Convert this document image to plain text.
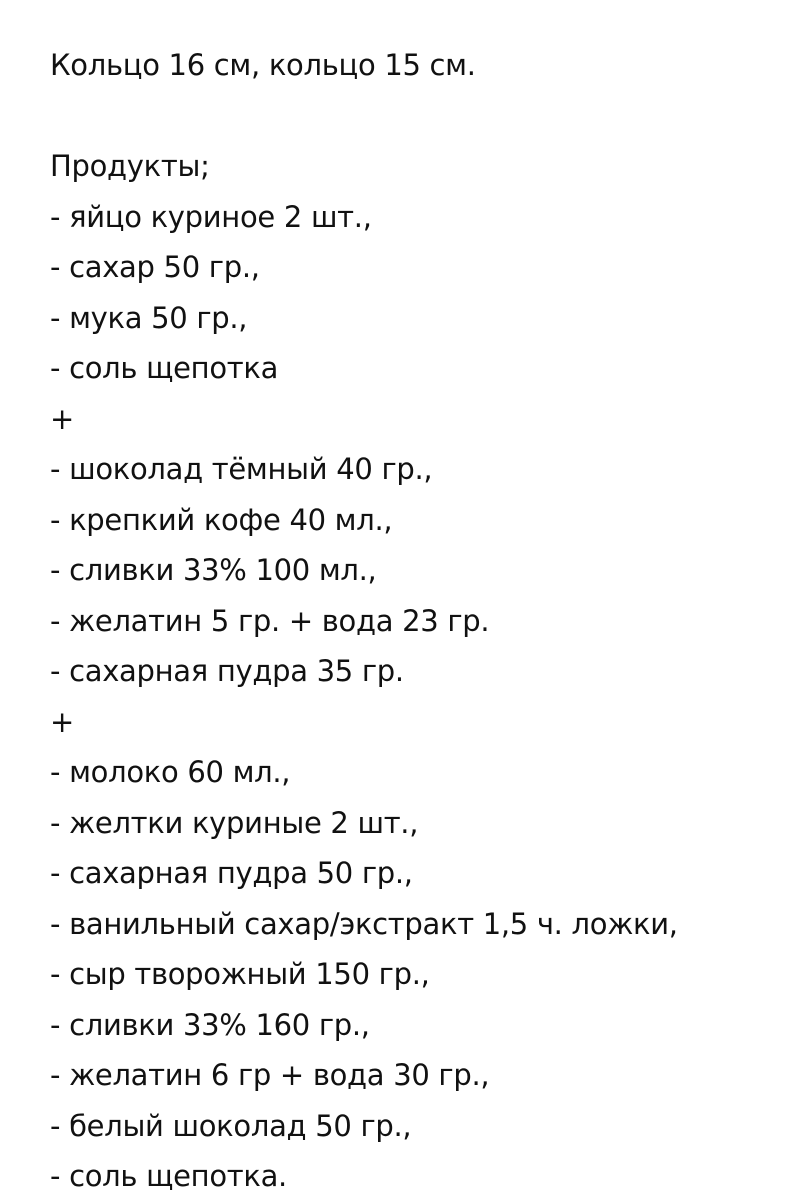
Кольцо 16 см, кольцо 15 см.
Продукты;
- яйцо куриное 2 шт.,
- сахар 50 гр.,
- мука 50 гр.,
- соль щепотка
+
- шоколад тёмный 40 гр.,
- крепкий кофе 40 мл.,
- сливки 33% 100 мл.,
- желатин 5 гр. + вода 23 гр.
- сахарная пудра 35 гр.
+
- молоко 60 мл.,
- желтки куриные 2 шт.,
- сахарная пудра 50 гр.,
- ванильный сахар/экстракт 1,5 ч. ложки,
- сыр творожный 150 гр.,
- сливки 33% 160 гр.,
- желатин 6 гр + вода 30 гр.,
- белый шоколад 50 гр.,
- соль щепотка.
